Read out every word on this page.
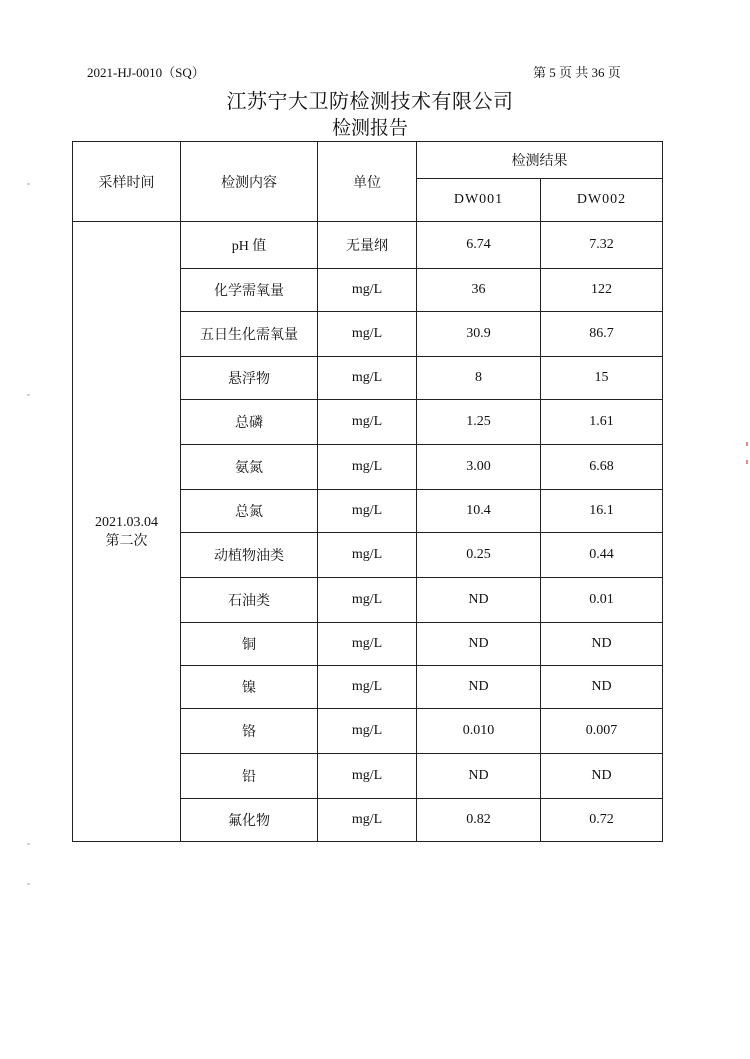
2021-HJ-0010（SQ）	第 5 页 共 36 页
江苏宁大卫防检测技术有限公司
检测报告
采样时间	检测内容	单位	检测结果	
			DW001	DW002

2021.03.04
第二次	pH 值	无量纲	6.74	7.32
	化学需氧量	mg/L	36	122
	五日生化需氧量	mg/L	30.9	86.7
	悬浮物	mg/L	8	15
	总磷	mg/L	1.25	1.61
	氨氮	mg/L	3.00	6.68
	总氮	mg/L	10.4	16.1
	动植物油类	mg/L	0.25	0.44
	石油类	mg/L	ND	0.01
	铜	mg/L	ND	ND
	镍	mg/L	ND	ND
	铬	mg/L	0.010	0.007
	铅	mg/L	ND	ND
	氟化物	mg/L	0.82	0.72
